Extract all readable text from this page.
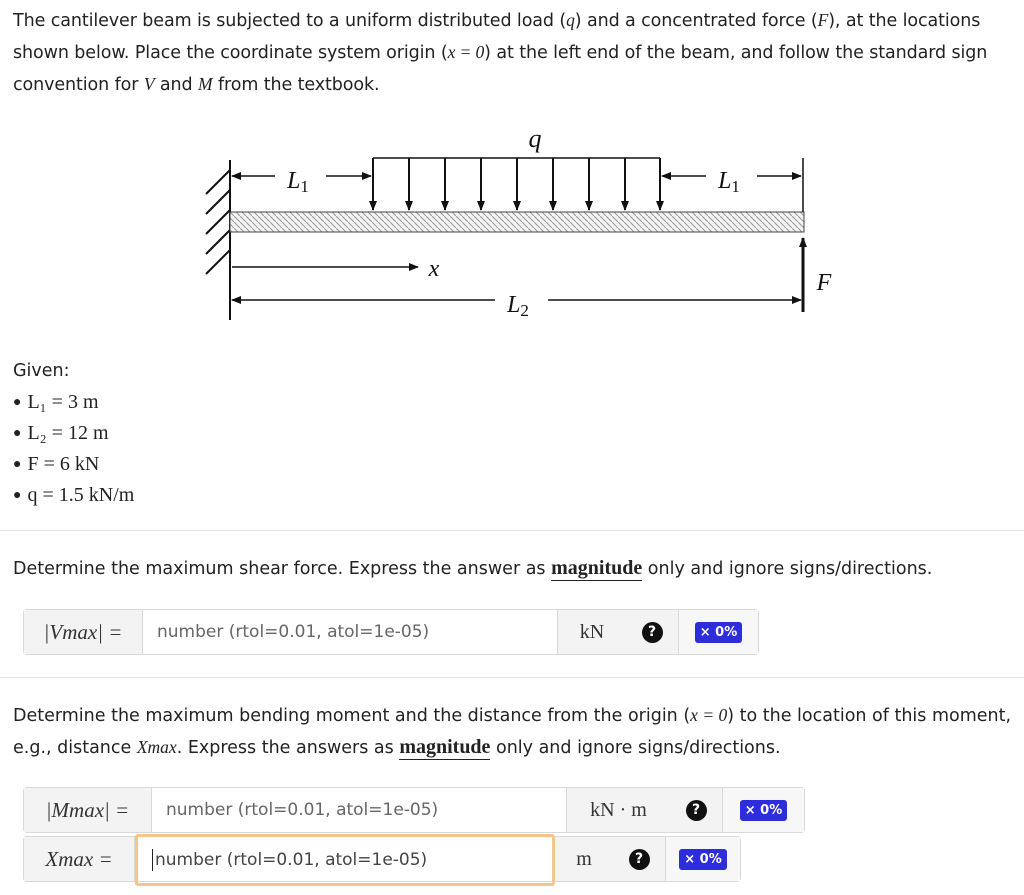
The cantilever beam is subjected to a uniform distributed load (q) and a concentrated force (F), at the locations shown below. Place the coordinate system origin (x = 0) at the left end of the beam, and follow the standard sign convention for V and M from the textbook.
q
L1	L1
x
L2
F
Given:
● L₁ = 3 m
● L₂ = 12 m
● F = 6 kN
● q = 1.5 kN/m
Determine the maximum shear force. Express the answer as magnitude only and ignore signs/directions.
|Vmax| =	number (rtol=0.01, atol=1e-05)	kN	?	× 0%
Determine the maximum bending moment and the distance from the origin (x = 0) to the location of this moment, e.g., distance Xmax. Express the answers as magnitude only and ignore signs/directions.
|Mmax| =	number (rtol=0.01, atol=1e-05)	kN · m	?	× 0%
Xmax = number (rtol=0.01, atol=1e-05)	m	?	× 0%
